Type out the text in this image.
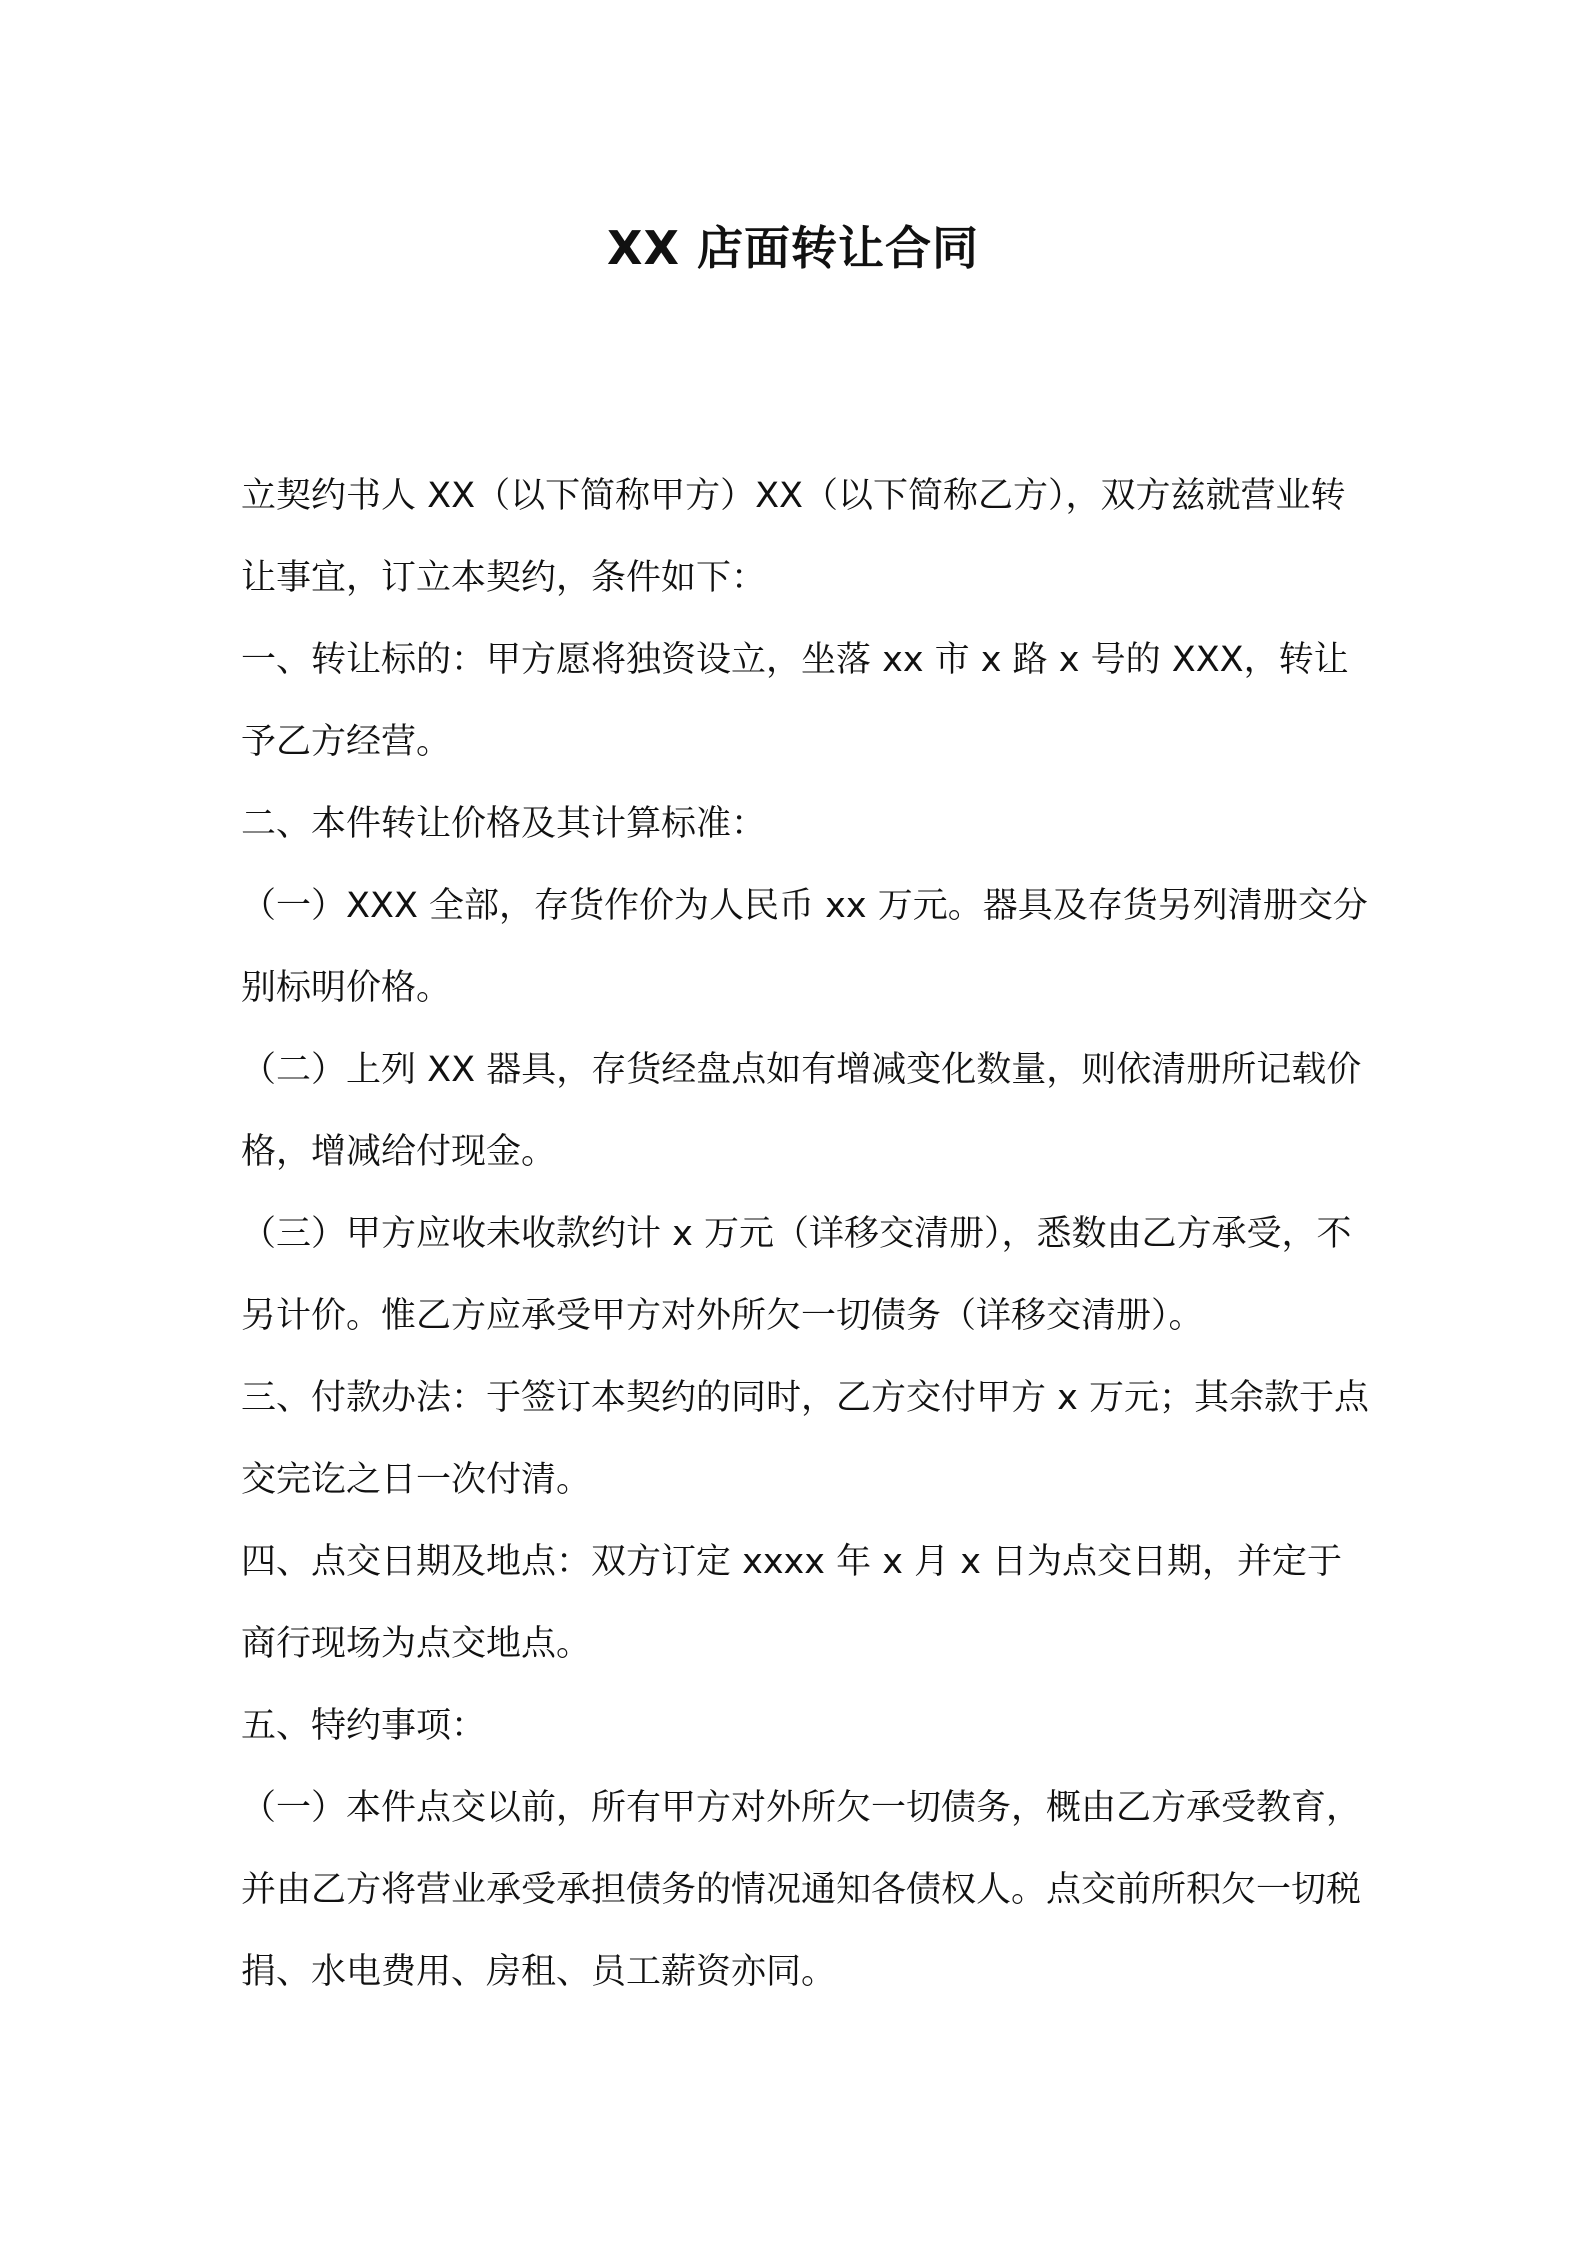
XX 店面转让合同

立契约书人 XX（以下简称甲方）XX（以下简称乙方），双方兹就营业转让事宜，订立本契约，条件如下：

一、转让标的：甲方愿将独资设立，坐落 xx 市 x 路 x 号的 XXX，转让予乙方经营。

二、本件转让价格及其计算标准：

（一）XXX 全部，存货作价为人民币 xx 万元。器具及存货另列清册交分别标明价格。

（二）上列 XX 器具，存货经盘点如有增减变化数量，则依清册所记载价格，增减给付现金。

（三）甲方应收未收款约计 x 万元（详移交清册），悉数由乙方承受，不另计价。惟乙方应承受甲方对外所欠一切债务（详移交清册）。

三、付款办法：于签订本契约的同时，乙方交付甲方 x 万元；其余款于点交完讫之日一次付清。

四、点交日期及地点：双方订定 xxxx 年 x 月 x 日为点交日期，并定于商行现场为点交地点。

五、特约事项：

（一）本件点交以前，所有甲方对外所欠一切债务，概由乙方承受教育，并由乙方将营业承受承担债务的情况通知各债权人。点交前所积欠一切税捐、水电费用、房租、员工薪资亦同。
